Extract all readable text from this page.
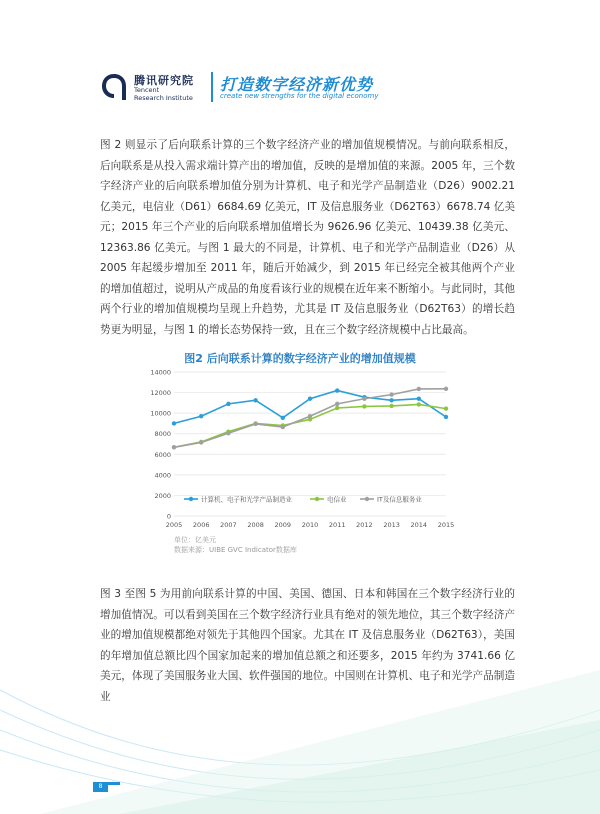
腾讯研究院
Tencent
Research Institute
打造数字经济新优势
create new strengths for the digital economy

图 2 则显示了后向联系计算的三个数字经济产业的增加值规模情况。与前向联系相反，后向联系是从投入需求端计算产出的增加值，反映的是增加值的来源。2005 年，三个数字经济产业的后向联系增加值分别为计算机、电子和光学产品制造业（D26）9002.21 亿美元，电信业（D61）6684.69 亿美元，IT 及信息服务业（D62T63）6678.74 亿美元；2015 年三个产业的后向联系增加值增长为 9626.96 亿美元、10439.38 亿美元、12363.86 亿美元。与图 1 最大的不同是，计算机、电子和光学产品制造业（D26）从 2005 年起缓步增加至 2011 年，随后开始减少，到 2015 年已经完全被其他两个产业的增加值超过，说明从产成品的角度看该行业的规模在近年来不断缩小。与此同时，其他两个行业的增加值规模均呈现上升趋势，尤其是 IT 及信息服务业（D62T63）的增长趋势更为明显，与图 1 的增长态势保持一致，且在三个数字经济规模中占比最高。

图2 后向联系计算的数字经济产业的增加值规模

0
2000
4000
6000
8000
10000
12000
14000
2005 2006 2007 2008 2009 2010 2011 2012 2013 2014 2015
计算机、电子和光学产品制造业	电信业	IT及信息服务业
单位：亿美元
数据来源：UIBE GVC Indicator数据库

图 3 至图 5 为用前向联系计算的中国、美国、德国、日本和韩国在三个数字经济行业的增加值情况。可以看到美国在三个数字经济行业具有绝对的领先地位，其三个数字经济产业的增加值规模都绝对领先于其他四个国家。尤其在 IT 及信息服务业（D62T63），美国的年增加值总额比四个国家加起来的增加值总额之和还要多，2015 年约为 3741.66 亿美元，体现了美国服务业大国、软件强国的地位。中国则在计算机、电子和光学产品制造业

8
